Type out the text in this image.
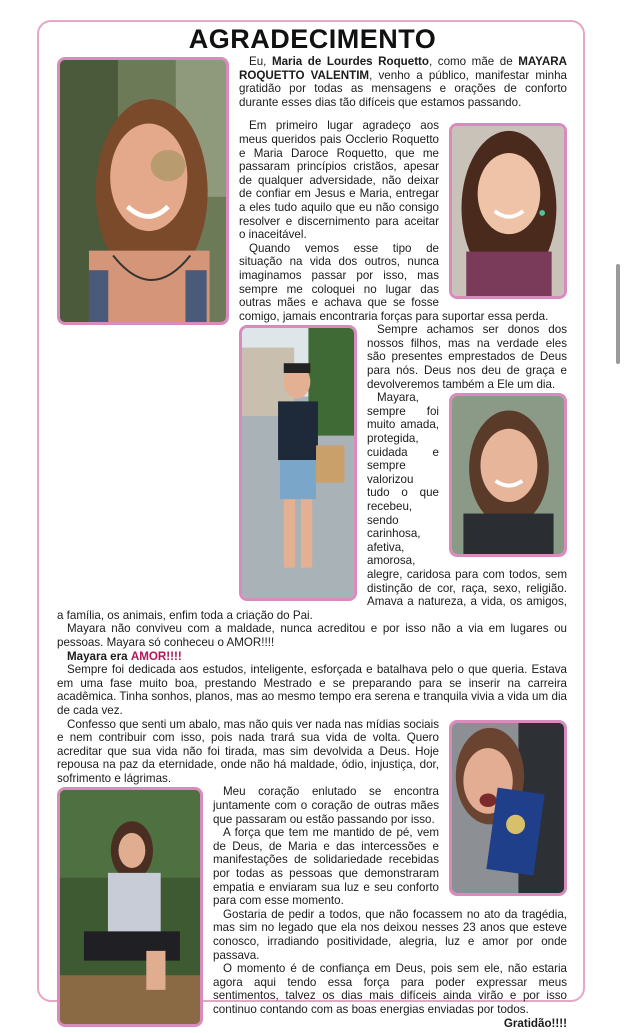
AGRADECIMENTO

Eu, Maria de Lourdes Roquetto, como mãe de MAYARA ROQUETTO VALENTIM, venho a público, manifestar minha gratidão por todas as mensagens e orações de conforto durante esses dias tão difíceis que estamos passando.

Em primeiro lugar agradeço aos meus queridos pais Occlerio Roquetto e Maria Daroce Roquetto, que me passaram princípios cristãos, apesar de qualquer adversidade, não deixar de confiar em Jesus e Maria, entregar a eles tudo aquilo que eu não consigo resolver e discernimento para aceitar o inaceitável.

Quando vemos esse tipo de situação na vida dos outros, nunca imaginamos passar por isso, mas sempre me coloquei no lugar das outras mães e achava que se fosse comigo, jamais encontraria forças para suportar essa perda.

Sempre achamos ser donos dos nossos filhos, mas na verdade eles são presentes emprestados de Deus para nós. Deus nos deu de graça e devolveremos também a Ele um dia.

Mayara, sempre foi muito amada, protegida, cuidada e sempre valorizou tudo o que recebeu, sendo carinhosa, afetiva, amorosa, alegre, caridosa para com todos, sem distinção de cor, raça, sexo, religião. Amava a natureza, a vida, os amigos, a família, os animais, enfim toda a criação do Pai.

Mayara não conviveu com a maldade, nunca acreditou e por isso não a via em lugares ou pessoas. Mayara só conheceu o AMOR!!!!

Mayara era AMOR!!!!

Sempre foi dedicada aos estudos, inteligente, esforçada e batalhava pelo o que queria. Estava em uma fase muito boa, prestando Mestrado e se preparando para se inserir na carreira acadêmica. Tinha sonhos, planos, mas ao mesmo tempo era serena e tranquila vivia a vida um dia de cada vez.

Confesso que senti um abalo, mas não quis ver nada nas mídias sociais e nem contribuir com isso, pois nada trará sua vida de volta. Quero acreditar que sua vida não foi tirada, mas sim devolvida a Deus. Hoje repousa na paz da eternidade, onde não há maldade, ódio, injustiça, dor, sofrimento e lágrimas.

Meu coração enlutado se encontra juntamente com o coração de outras mães que passaram ou estão passando por isso.

A força que tem me mantido de pé, vem de Deus, de Maria e das intercessões e manifestações de solidariedade recebidas por todas as pessoas que demonstraram empatia e enviaram sua luz e seu conforto para com esse momento.

Gostaria de pedir a todos, que não focassem no ato da tragédia, mas sim no legado que ela nos deixou nesses 23 anos que esteve conosco, irradiando positividade, alegria, luz e amor por onde passava.

O momento é de confiança em Deus, pois sem ele, não estaria agora aqui tendo essa força para poder expressar meus sentimentos, talvez os dias mais difíceis ainda virão e por isso continuo contando com as boas energias enviadas por todos.

Gratidão!!!!
